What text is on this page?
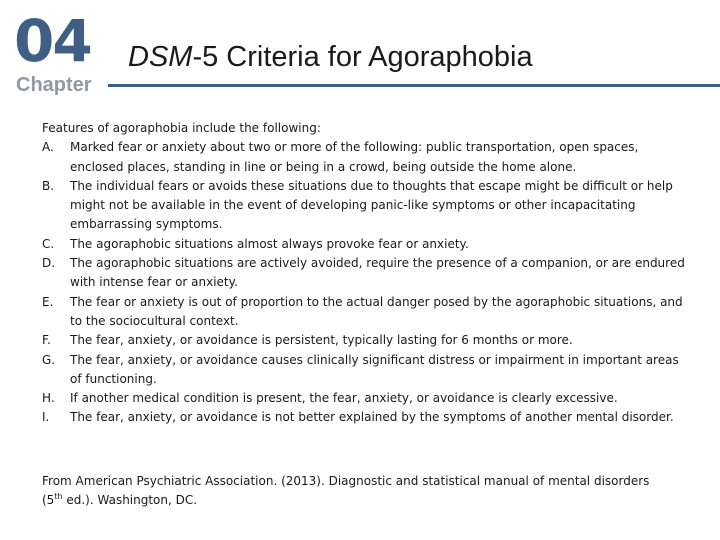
04
Chapter
DSM-5 Criteria for Agoraphobia

Features of agoraphobia include the following:

A.	Marked fear or anxiety about two or more of the following: public transportation, open spaces, enclosed places, standing in line or being in a crowd, being outside the home alone.
B.	The individual fears or avoids these situations due to thoughts that escape might be difficult or help might not be available in the event of developing panic-like symptoms or other incapacitating embarrassing symptoms.
C.	The agoraphobic situations almost always provoke fear or anxiety.
D.	The agoraphobic situations are actively avoided, require the presence of a companion, or are endured with intense fear or anxiety.
E.	The fear or anxiety is out of proportion to the actual danger posed by the agoraphobic situations, and to the sociocultural context.
F.	The fear, anxiety, or avoidance is persistent, typically lasting for 6 months or more.
G.	The fear, anxiety, or avoidance causes clinically significant distress or impairment in important areas of functioning.
H.	If another medical condition is present, the fear, anxiety, or avoidance is clearly excessive.
I.	The fear, anxiety, or avoidance is not better explained by the symptoms of another mental disorder.

From American Psychiatric Association. (2013). Diagnostic and statistical manual of mental disorders
(5th ed.). Washington, DC.
